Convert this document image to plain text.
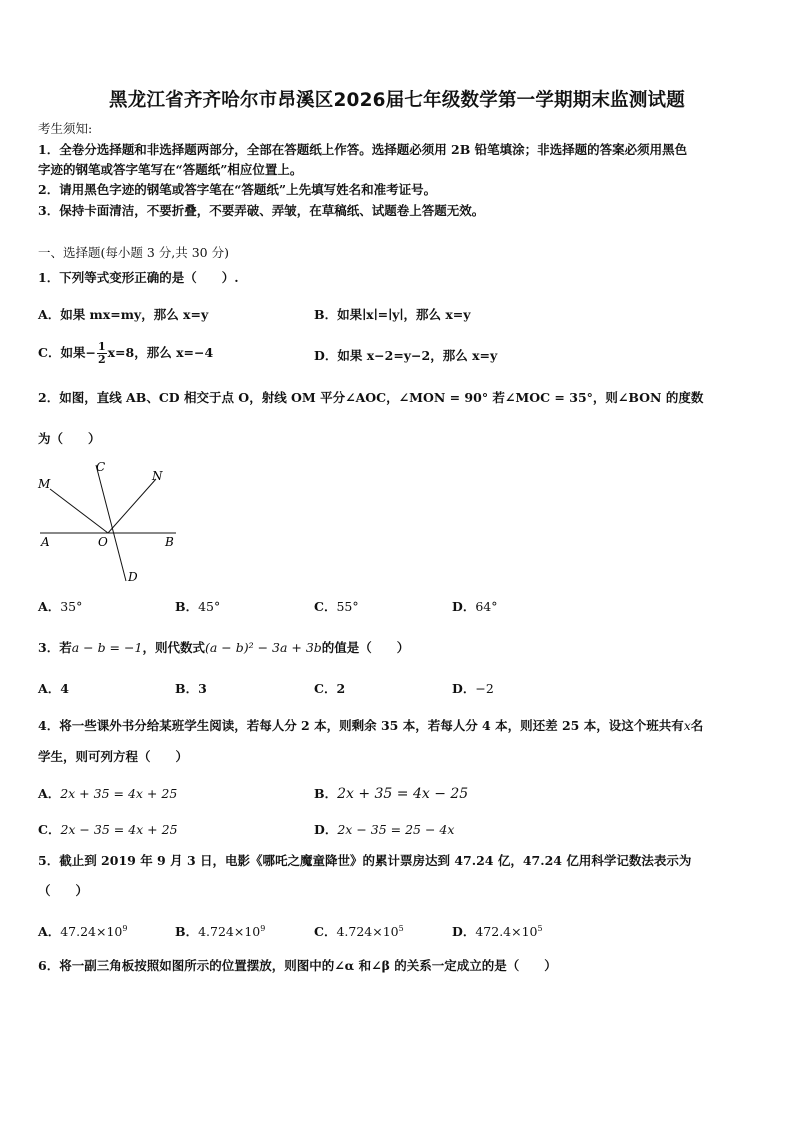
黑龙江省齐齐哈尔市昂溪区2026届七年级数学第一学期期末监测试题
考生须知:
1．全卷分选择题和非选择题两部分，全部在答题纸上作答。选择题必须用 2B 铅笔填涂；非选择题的答案必须用黑色
字迹的钢笔或答字笔写在“答题纸”相应位置上。
2．请用黑色字迹的钢笔或答字笔在“答题纸”上先填写姓名和准考证号。
3．保持卡面清洁，不要折叠，不要弄破、弄皱，在草稿纸、试题卷上答题无效。
一、选择题(每小题 3 分,共 30 分)
1．下列等式变形正确的是（　　）.
A．如果 mx=my，那么 x=y	B．如果∣x∣=∣y∣，那么 x=y
C．如果− $\frac{1}{2} x=8$，那么 x=−4	D．如果 x−2=y−2，那么 x=y
2．如图，直线 AB、CD 相交于点 O，射线 OM 平分∠AOC，∠MON = 90° 若∠MOC = 35°，则∠BON 的度数
为（　　）
M
C
N
A	O	B
D
A．35°	B．45°	C．55°	D．64°
3．若a − b = −1，则代数式(a − b)² − 3a + 3b的值是（　　）
A．4	B．3	C．2	D．−2
4．将一些课外书分给某班学生阅读，若每人分 2 本，则剩余 35 本，若每人分 4 本，则还差 25 本，设这个班共有x名
学生，则可列方程（　　）
A．2x + 35 = 4x + 25	B．2x + 35 = 4x − 25
C．2x − 35 = 4x + 25	D．2x − 35 = 25 − 4x
5．截止到 2019 年 9 月 3 日，电影《哪吒之魔童降世》的累计票房达到 47.24 亿，47.24 亿用科学记数法表示为
（　　）
A．$47.24\times 10^9$	B．$4.724\times 10^9$	C．$4.724\times 10^5$	D．$472.4\times 10^5$
6．将一副三角板按照如图所示的位置摆放，则图中的∠α 和∠β 的关系一定成立的是（　　）
